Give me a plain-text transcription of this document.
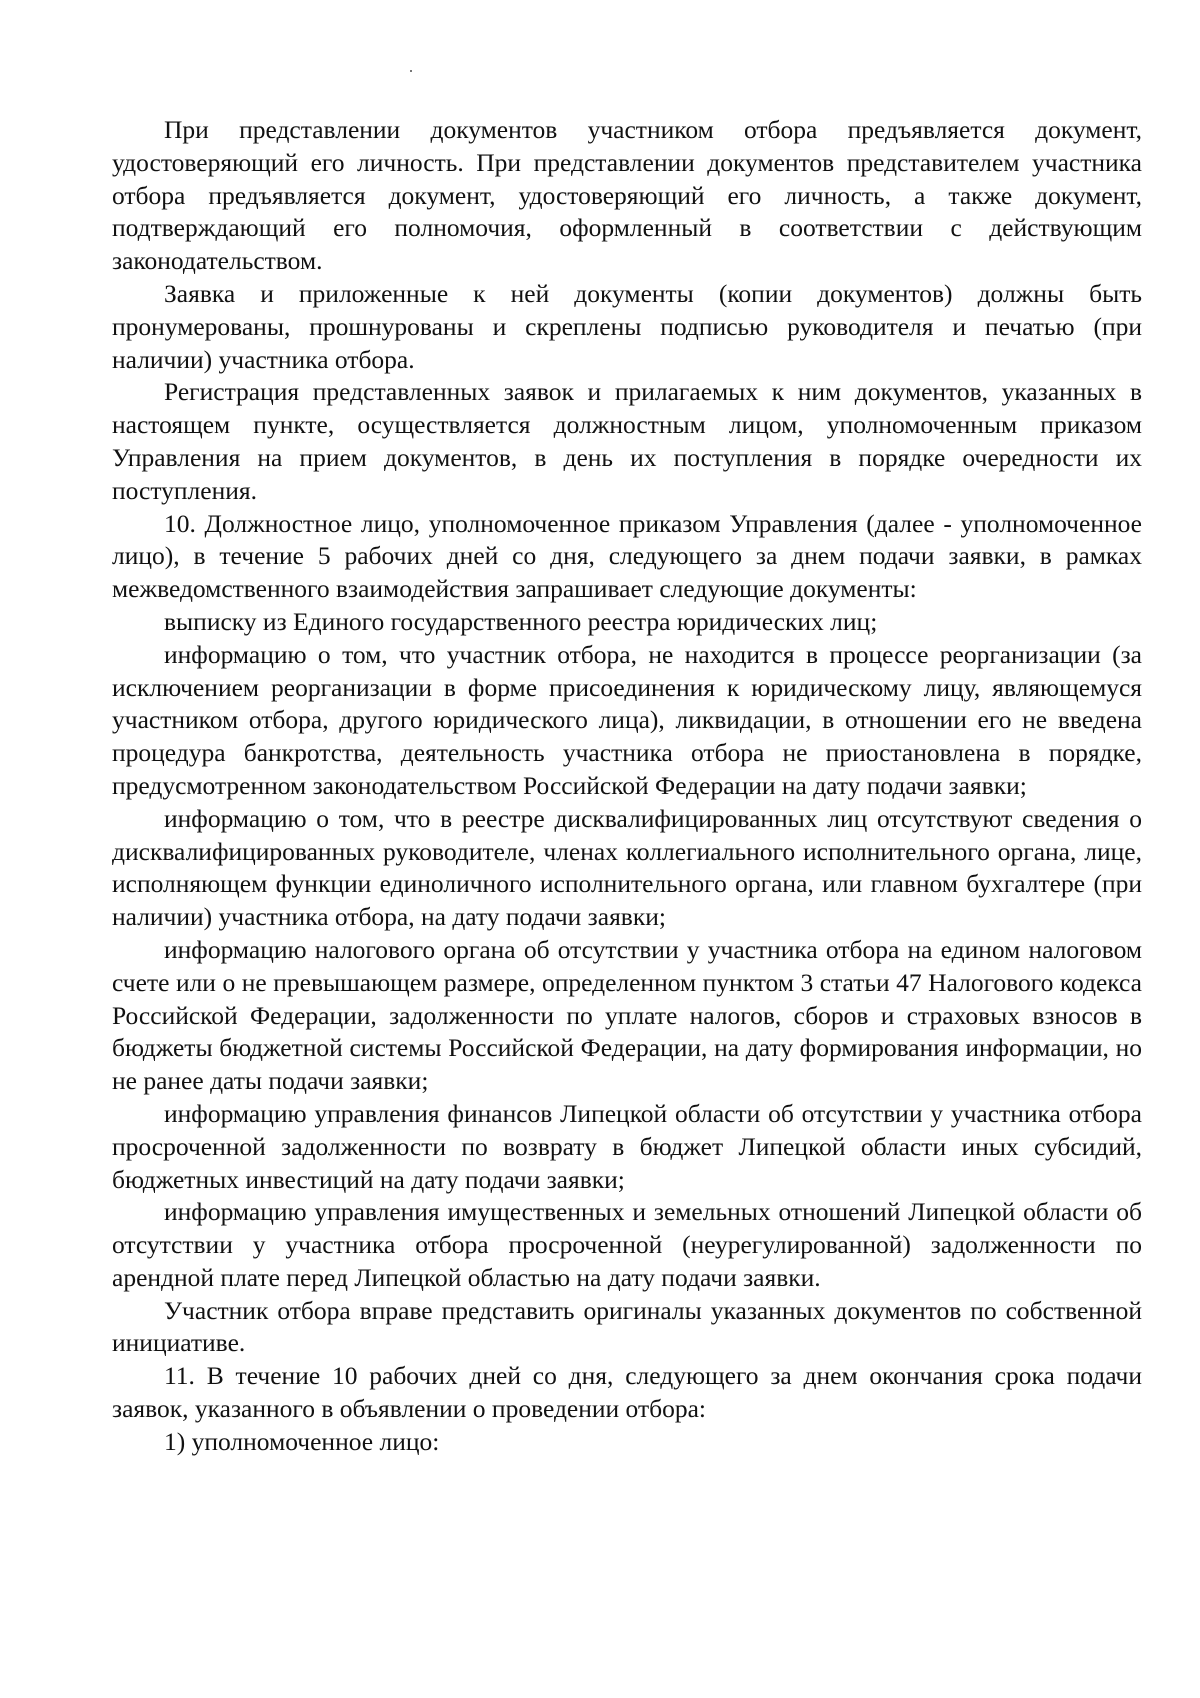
При представлении документов участником отбора предъявляется документ, удостоверяющий его личность. При представлении документов представителем участника отбора предъявляется документ, удостоверяющий его личность, а также документ, подтверждающий его полномочия, оформленный в соответствии с действующим законодательством.

Заявка и приложенные к ней документы (копии документов) должны быть пронумерованы, прошнурованы и скреплены подписью руководителя и печатью (при наличии) участника отбора.

Регистрация представленных заявок и прилагаемых к ним документов, указанных в настоящем пункте, осуществляется должностным лицом, уполномоченным приказом Управления на прием документов, в день их поступления в порядке очередности их поступления.

10. Должностное лицо, уполномоченное приказом Управления (далее - уполномоченное лицо), в течение 5 рабочих дней со дня, следующего за днем подачи заявки, в рамках межведомственного взаимодействия запрашивает следующие документы:

выписку из Единого государственного реестра юридических лиц;

информацию о том, что участник отбора, не находится в процессе реорганизации (за исключением реорганизации в форме присоединения к юридическому лицу, являющемуся участником отбора, другого юридического лица), ликвидации, в отношении его не введена процедура банкротства, деятельность участника отбора не приостановлена в порядке, предусмотренном законодательством Российской Федерации на дату подачи заявки;

информацию о том, что в реестре дисквалифицированных лиц отсутствуют сведения о дисквалифицированных руководителе, членах коллегиального исполнительного органа, лице, исполняющем функции единоличного исполнительного органа, или главном бухгалтере (при наличии) участника отбора, на дату подачи заявки;

информацию налогового органа об отсутствии у участника отбора на едином налоговом счете или о не превышающем размере, определенном пунктом 3 статьи 47 Налогового кодекса Российской Федерации, задолженности по уплате налогов, сборов и страховых взносов в бюджеты бюджетной системы Российской Федерации, на дату формирования информации, но не ранее даты подачи заявки;

информацию управления финансов Липецкой области об отсутствии у участника отбора просроченной задолженности по возврату в бюджет Липецкой области иных субсидий, бюджетных инвестиций на дату подачи заявки;

информацию управления имущественных и земельных отношений Липецкой области об отсутствии у участника отбора просроченной (неурегулированной) задолженности по арендной плате перед Липецкой областью на дату подачи заявки.

Участник отбора вправе представить оригиналы указанных документов по собственной инициативе.

11. В течение 10 рабочих дней со дня, следующего за днем окончания срока подачи заявок, указанного в объявлении о проведении отбора:

1) уполномоченное лицо:
